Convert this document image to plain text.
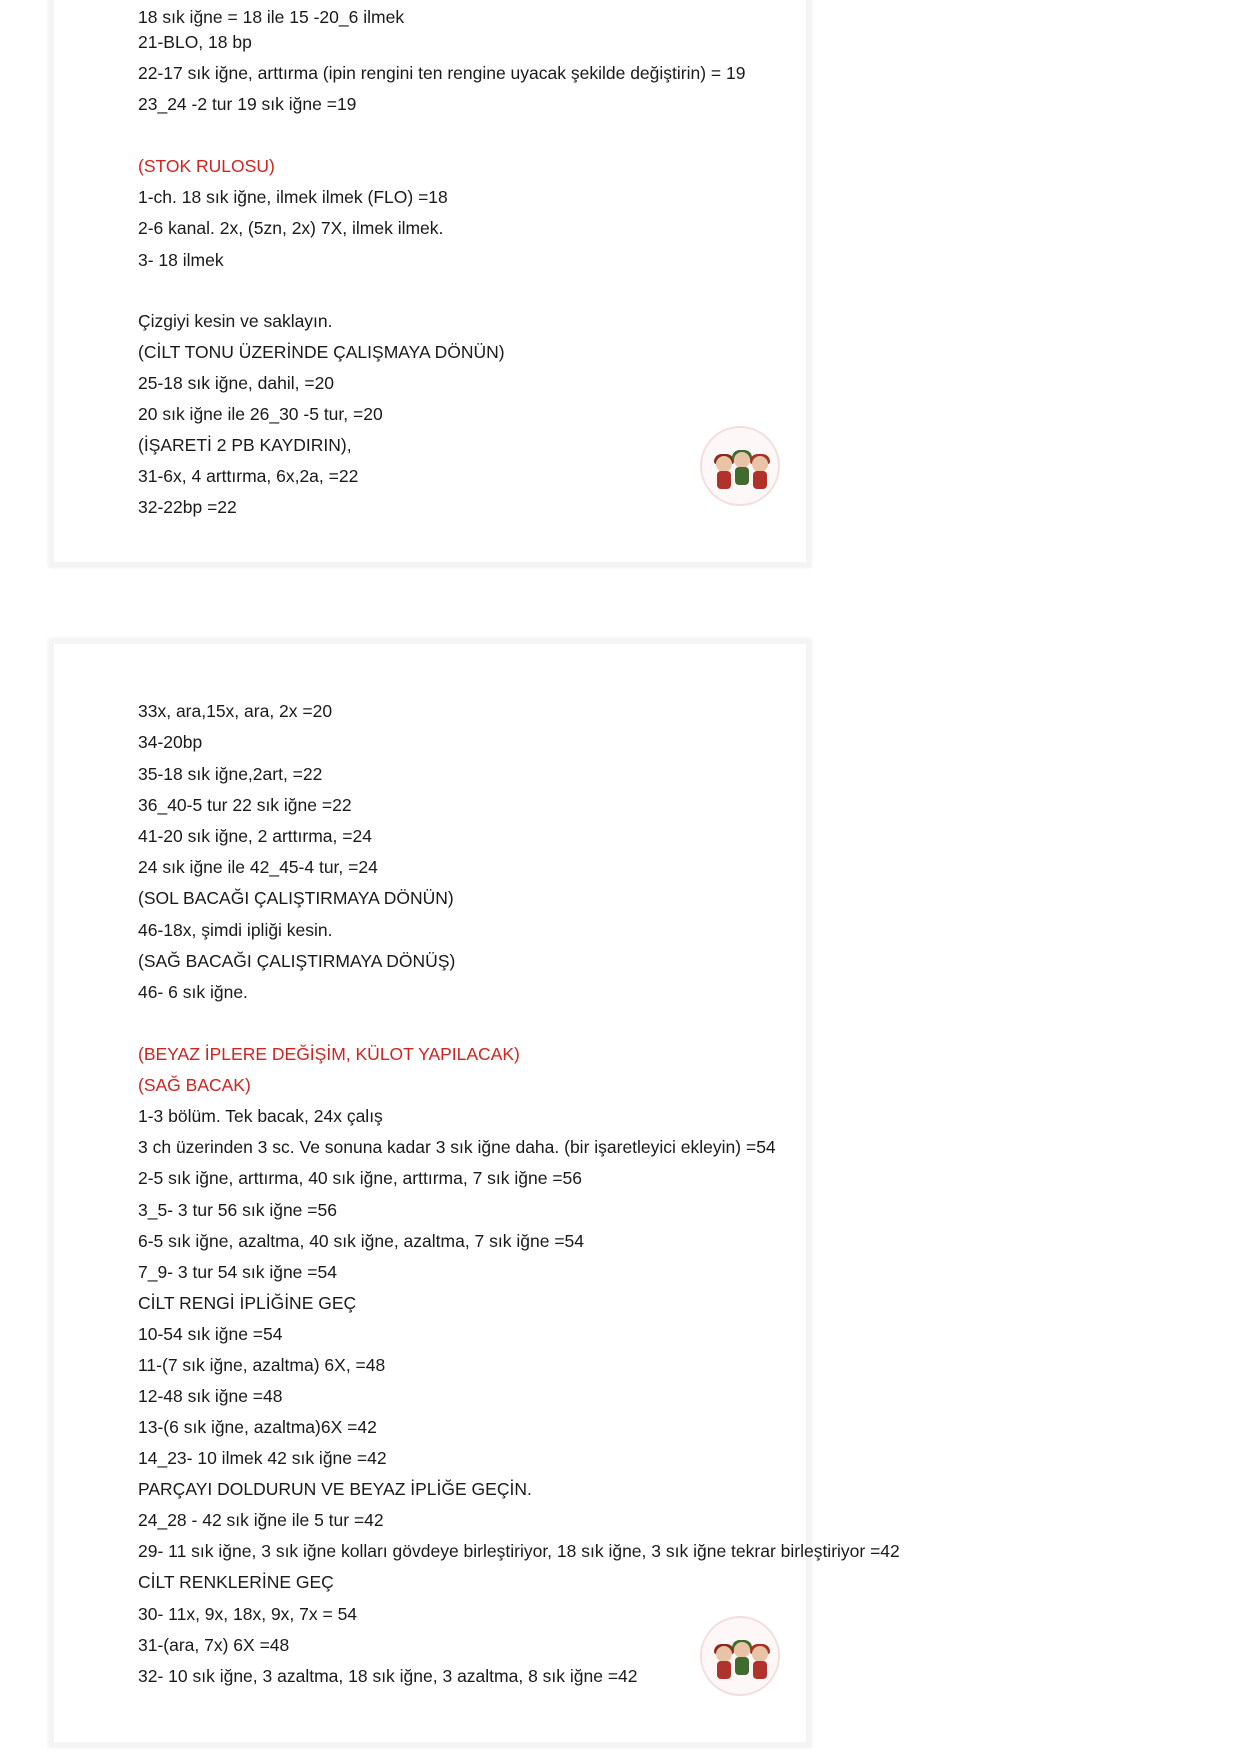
18 sık iğne = 18 ile 15 -20_6 ilmek
21-BLO, 18 bp
22-17 sık iğne, arttırma (ipin rengini ten rengine uyacak şekilde değiştirin) = 19
23_24 -2 tur 19 sık iğne =19
(STOK RULOSU)
1-ch. 18 sık iğne, ilmek ilmek (FLO) =18
2-6 kanal. 2x, (5zn, 2x) 7X, ilmek ilmek.
3- 18 ilmek
Çizgiyi kesin ve saklayın.
(CİLT TONU ÜZERİNDE ÇALIŞMAYA DÖNÜN)
25-18 sık iğne, dahil, =20
20 sık iğne ile 26_30 -5 tur, =20
(İŞARETİ 2 PB KAYDIRIN),
31-6x, 4 arttırma, 6x,2a, =22
32-22bp =22
33x, ara,15x, ara, 2x =20
34-20bp
35-18 sık iğne,2art, =22
36_40-5 tur 22 sık iğne =22
41-20 sık iğne, 2 arttırma, =24
24 sık iğne ile 42_45-4 tur, =24
(SOL BACAĞI ÇALIŞTIRMAYA DÖNÜN)
46-18x, şimdi ipliği kesin.
(SAĞ BACAĞI ÇALIŞTIRMAYA DÖNÜŞ)
46- 6 sık iğne.
(BEYAZ İPLERE DEĞİŞİM, KÜLOT YAPILACAK)
(SAĞ BACAK)
1-3 bölüm. Tek bacak, 24x çalış
3 ch üzerinden 3 sc. Ve sonuna kadar 3 sık iğne daha. (bir işaretleyici ekleyin) =54
2-5 sık iğne, arttırma, 40 sık iğne, arttırma, 7 sık iğne =56
3_5- 3 tur 56 sık iğne =56
6-5 sık iğne, azaltma, 40 sık iğne, azaltma, 7 sık iğne =54
7_9- 3 tur 54 sık iğne =54
CİLT RENGİ İPLİĞİNE GEÇ
10-54 sık iğne =54
11-(7 sık iğne, azaltma) 6X, =48
12-48 sık iğne =48
13-(6 sık iğne, azaltma)6X =42
14_23- 10 ilmek 42 sık iğne =42
PARÇAYI DOLDURUN VE BEYAZ İPLİĞE GEÇİN.
24_28 - 42 sık iğne ile 5 tur =42
29- 11 sık iğne, 3 sık iğne kolları gövdeye birleştiriyor, 18 sık iğne, 3 sık iğne tekrar birleştiriyor =42
CİLT RENKLERİNE GEÇ
30- 11x, 9x, 18x, 9x, 7x = 54
31-(ara, 7x) 6X =48
32- 10 sık iğne, 3 azaltma, 18 sık iğne, 3 azaltma, 8 sık iğne =42
